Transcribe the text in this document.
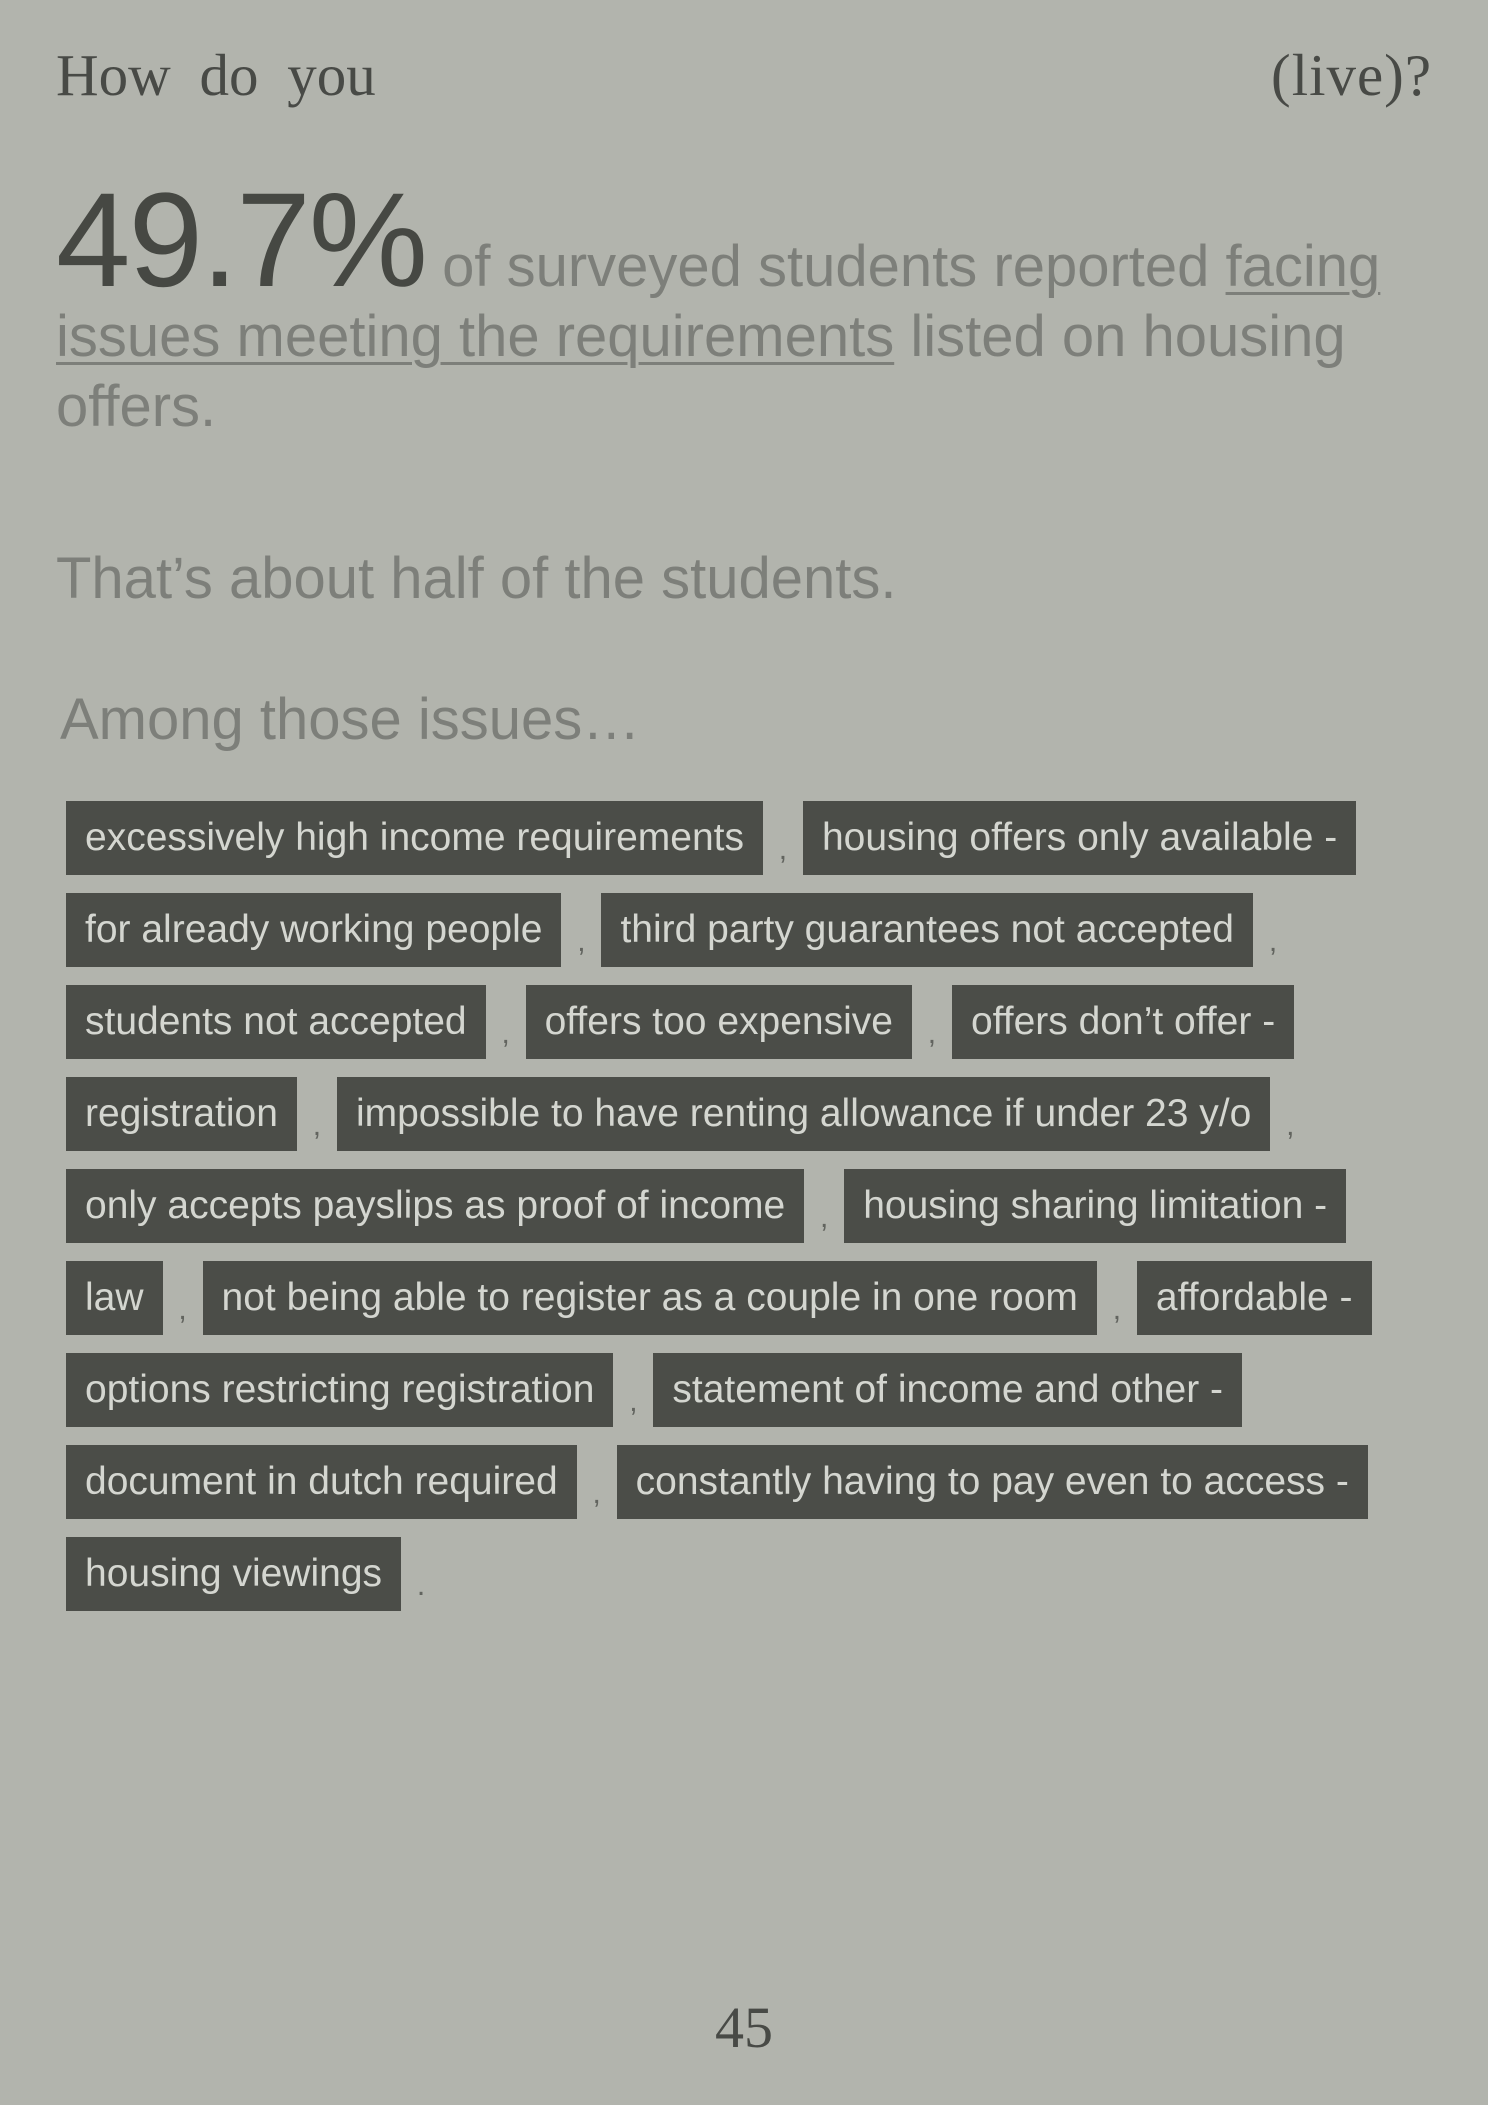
How do you	(live)?
49.7% of surveyed students reported facing issues meeting the requirements listed on housing offers.
That’s about half of the students.
Among those issues…
excessively high income requirements	, housing offers only available -
for already working people	, third party guarantees not accepted	,
students not accepted	, offers too expensive	, offers don’t offer -
registration	, impossible to have renting allowance if under 23 y/o	,
only accepts payslips as proof of income	, housing sharing limitation -
law	, not being able to register as a couple in one room	, affordable -
options restricting registration	, statement of income and other -
document in dutch required	, constantly having to pay even to access -
housing viewings	.
45
